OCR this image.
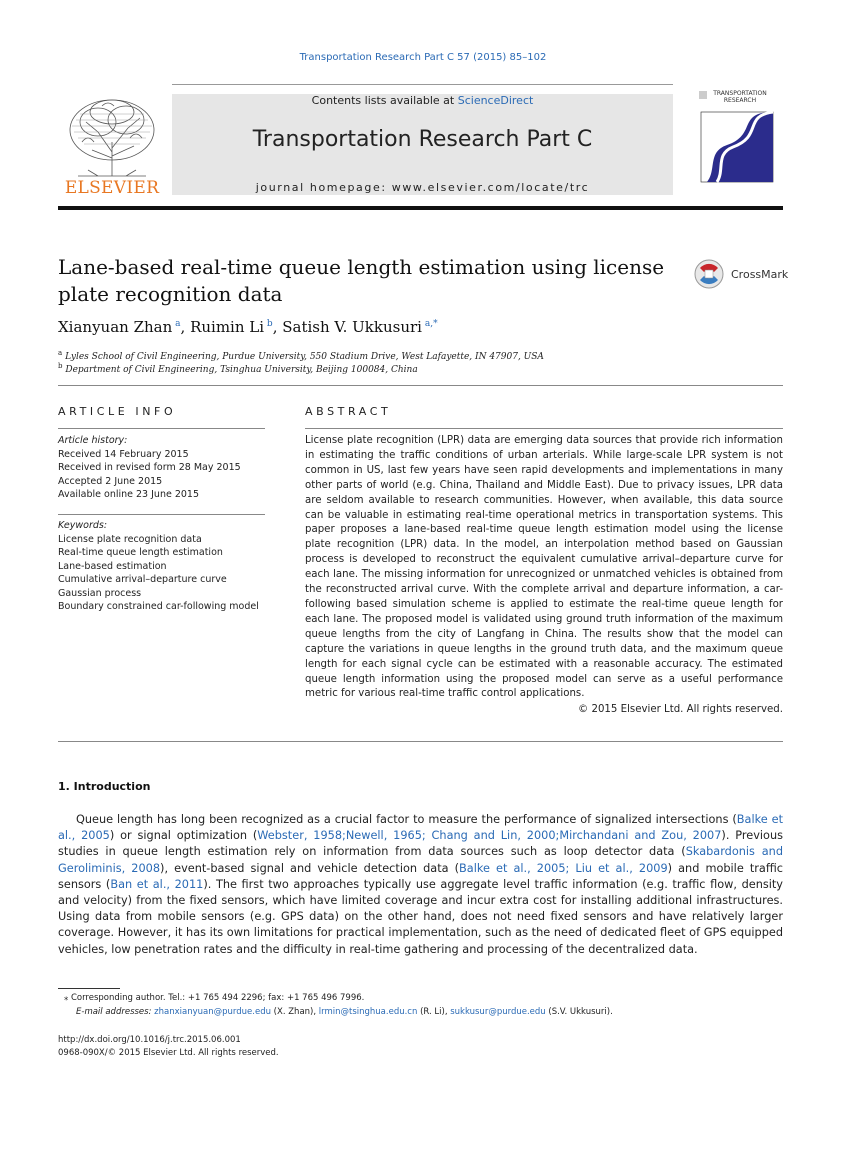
Transportation Research Part C 57 (2015) 85–102
ELSEVIER
Contents lists available at ScienceDirect
Transportation Research Part C
journal homepage: www.elsevier.com/locate/trc
TRANSPORTATION RESEARCH
Lane-based real-time queue length estimation using license
plate recognition data
CrossMark
Xianyuan Zhan $^a$, Ruimin Li $^b$, Satish V. Ukkusuri $^{a,*}$
$^a$ Lyles School of Civil Engineering, Purdue University, 550 Stadium Drive, West Lafayette, IN 47907, USA
$^b$ Department of Civil Engineering, Tsinghua University, Beijing 100084, China
ARTICLE INFO
Article history:
Received 14 February 2015
Received in revised form 28 May 2015
Accepted 2 June 2015
Available online 23 June 2015
Keywords:
License plate recognition data
Real-time queue length estimation
Lane-based estimation
Cumulative arrival–departure curve
Gaussian process
Boundary constrained car-following model
ABSTRACT
License plate recognition (LPR) data are emerging data sources that provide rich information in estimating the traffic conditions of urban arterials. While large-scale LPR system is not common in US, last few years have seen rapid developments and implementations in many other parts of world (e.g. China, Thailand and Middle East). Due to privacy issues, LPR data are seldom available to research communities. However, when available, this data source can be valuable in estimating real-time operational metrics in transportation systems. This paper proposes a lane-based real-time queue length estimation model using the license plate recognition (LPR) data. In the model, an interpolation method based on Gaussian process is developed to reconstruct the equivalent cumulative arrival–departure curve for each lane. The missing information for unrecognized or unmatched vehicles is obtained from the reconstructed arrival curve. With the complete arrival and departure information, a car-following based simulation scheme is applied to estimate the real-time queue length for each lane. The proposed model is validated using ground truth information of the maximum queue lengths from the city of Langfang in China. The results show that the model can capture the variations in queue lengths in the ground truth data, and the maximum queue length for each signal cycle can be estimated with a reasonable accuracy. The estimated queue length information using the proposed model can serve as a useful performance metric for various real-time traffic control applications.
© 2015 Elsevier Ltd. All rights reserved.
1. Introduction
Queue length has long been recognized as a crucial factor to measure the performance of signalized intersections (Balke et al., 2005) or signal optimization (Webster, 1958;Newell, 1965; Chang and Lin, 2000;Mirchandani and Zou, 2007). Previous studies in queue length estimation rely on information from data sources such as loop detector data (Skabardonis and Geroliminis, 2008), event-based signal and vehicle detection data (Balke et al., 2005; Liu et al., 2009) and mobile traffic sensors (Ban et al., 2011). The first two approaches typically use aggregate level traffic information (e.g. traffic flow, density and velocity) from the fixed sensors, which have limited coverage and incur extra cost for installing additional infrastructures. Using data from mobile sensors (e.g. GPS data) on the other hand, does not need fixed sensors and have relatively larger coverage. However, it has its own limitations for practical implementation, such as the need of dedicated fleet of GPS equipped vehicles, low penetration rates and the difficulty in real-time gathering and processing of the decentralized data.
⁎ Corresponding author. Tel.: +1 765 494 2296; fax: +1 765 496 7996.
E-mail addresses: zhanxianyuan@purdue.edu (X. Zhan), lrmin@tsinghua.edu.cn (R. Li), sukkusur@purdue.edu (S.V. Ukkusuri).
http://dx.doi.org/10.1016/j.trc.2015.06.001
0968-090X/© 2015 Elsevier Ltd. All rights reserved.
